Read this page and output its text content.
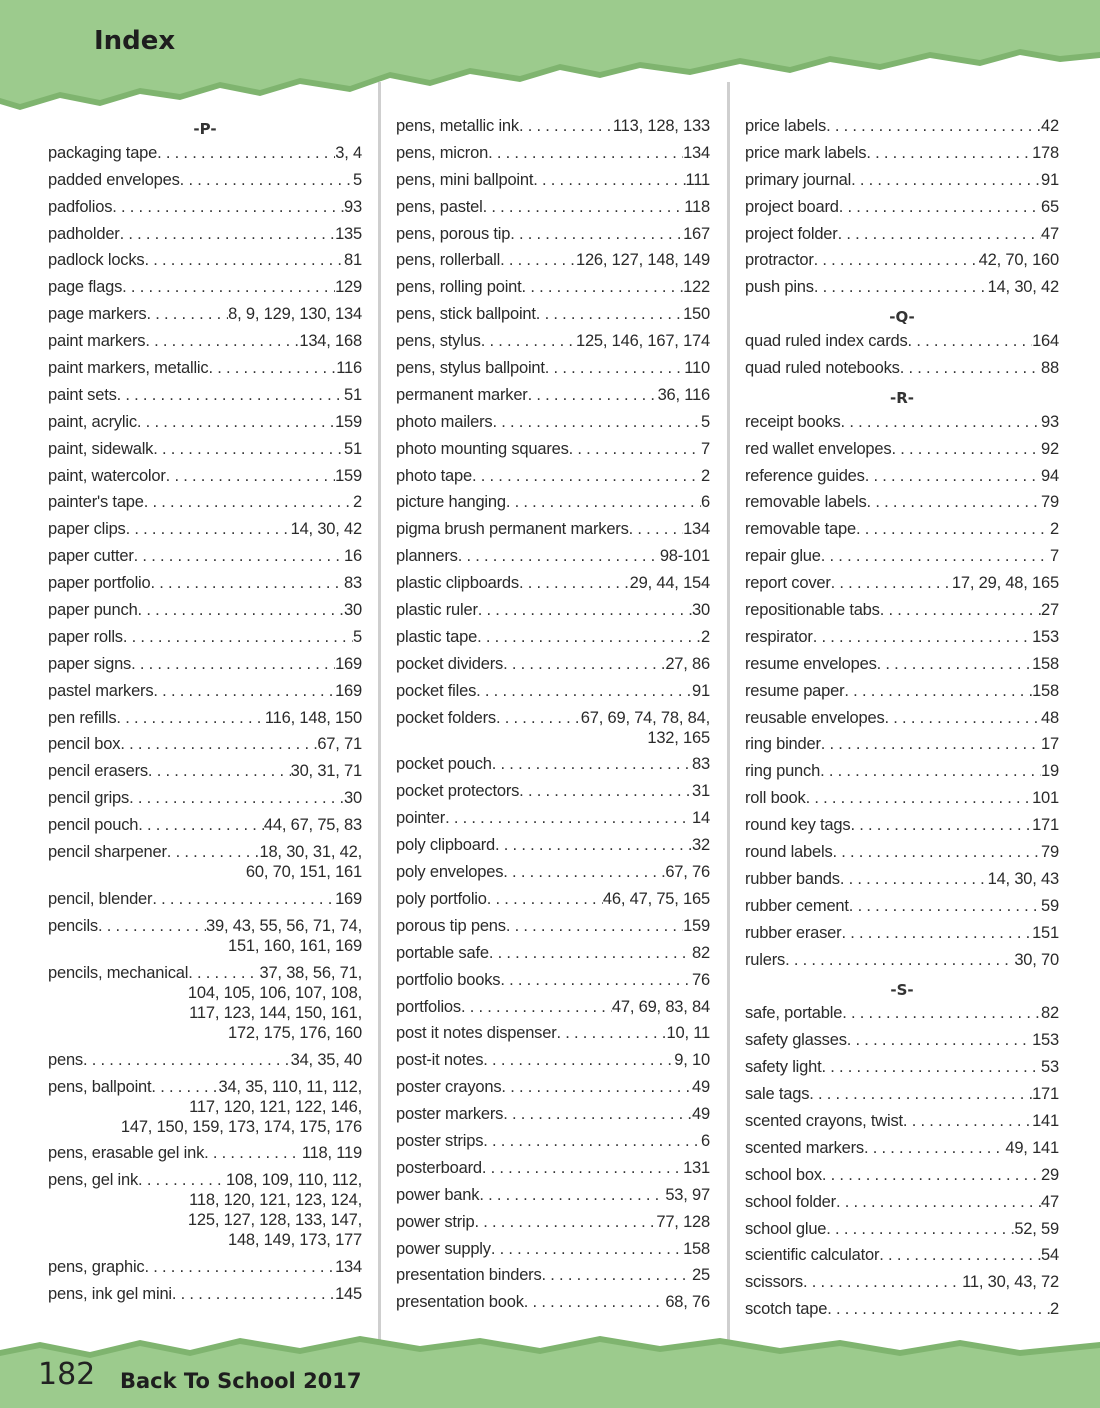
Index
-P-
packaging tape . . .	3, 4
padded envelopes . . .	5
padfolios . . .	93
padholder . . .	135
padlock locks . . .	81
page flags . . .	129
page markers . . .	8, 9, 129, 130, 134
paint markers . . .	134, 168
paint markers, metallic . . .	116
paint sets . . .	51
paint, acrylic . . .	159
paint, sidewalk . . .	51
paint, watercolor . . .	159
painter's tape . . .	2
paper clips . . .	14, 30, 42
paper cutter . . .	16
paper portfolio . . .	83
paper punch . . .	30
paper rolls . . .	5
paper signs . . .	169
pastel markers . . .	169
pen refills . . .	116, 148, 150
pencil box . . .	67, 71
pencil erasers . . .	30, 31, 71
pencil grips . . .	30
pencil pouch . . .	44, 67, 75, 83
pencil sharpener . . .	18, 30, 31, 42,
60, 70, 151, 161
pencil, blender . . .	169
pencils . . .	39, 43, 55, 56, 71, 74,
151, 160, 161, 169
pencils, mechanical . . .	37, 38, 56, 71,
104, 105, 106, 107, 108,
117, 123, 144, 150, 161,
172, 175, 176, 160
pens . . .	34, 35, 40
pens, ballpoint . . .	34, 35, 110, 11, 112,
117, 120, 121, 122, 146,
147, 150, 159, 173, 174, 175, 176
pens, erasable gel ink . . .	118, 119
pens, gel ink . . .	108, 109, 110, 112,
118, 120, 121, 123, 124,
125, 127, 128, 133, 147,
148, 149, 173, 177
pens, graphic . . .	134
pens, ink gel mini . . .	145
pens, metallic ink . . .	113, 128, 133
pens, micron . . .	134
pens, mini ballpoint . . .	111
pens, pastel . . .	118
pens, porous tip . . .	167
pens, rollerball . . .	126, 127, 148, 149
pens, rolling point . . .	122
pens, stick ballpoint . . .	150
pens, stylus . . .	125, 146, 167, 174
pens, stylus ballpoint . . .	110
permanent marker . . .	36, 116
photo mailers . . .	5
photo mounting squares . . .	7
photo tape . . .	2
picture hanging . . .	6
pigma brush permanent markers . . .	134
planners . . .	98-101
plastic clipboards . . .	29, 44, 154
plastic ruler . . .	30
plastic tape . . .	2
pocket dividers . . .	27, 86
pocket files . . .	91
pocket folders . . .	67, 69, 74, 78, 84,
132, 165
pocket pouch . . .	83
pocket protectors . . .	31
pointer . . .	14
poly clipboard . . .	32
poly envelopes . . .	67, 76
poly portfolio . . .	46, 47, 75, 165
porous tip pens . . .	159
portable safe . . .	82
portfolio books . . .	76
portfolios . . .	47, 69, 83, 84
post it notes dispenser . . .	10, 11
post-it notes . . .	9, 10
poster crayons . . .	49
poster markers . . .	49
poster strips . . .	6
posterboard . . .	131
power bank . . .	53, 97
power strip . . .	77, 128
power supply . . .	158
presentation binders . . .	25
presentation book . . .	68, 76
price labels . . .	42
price mark labels . . .	178
primary journal . . .	91
project board . . .	65
project folder . . .	47
protractor . . .	42, 70, 160
push pins . . .	14, 30, 42
-Q-
quad ruled index cards . . .	164
quad ruled notebooks . . .	88
-R-
receipt books . . .	93
red wallet envelopes . . .	92
reference guides . . .	94
removable labels . . .	79
removable tape . . .	2
repair glue . . .	7
report cover . . .	17, 29, 48, 165
repositionable tabs . . .	27
respirator . . .	153
resume envelopes . . .	158
resume paper . . .	158
reusable envelopes . . .	48
ring binder . . .	17
ring punch . . .	19
roll book . . .	101
round key tags . . .	171
round labels . . .	79
rubber bands . . .	14, 30, 43
rubber cement . . .	59
rubber eraser . . .	151
rulers . . .	30, 70
-S-
safe, portable . . .	82
safety glasses . . .	153
safety light . . .	53
sale tags . . .	171
scented crayons, twist . . .	141
scented markers . . .	49, 141
school box . . .	29
school folder . . .	47
school glue . . .	52, 59
scientific calculator . . .	54
scissors . . .	11, 30, 43, 72
scotch tape . . .	2
182 Back To School 2017
